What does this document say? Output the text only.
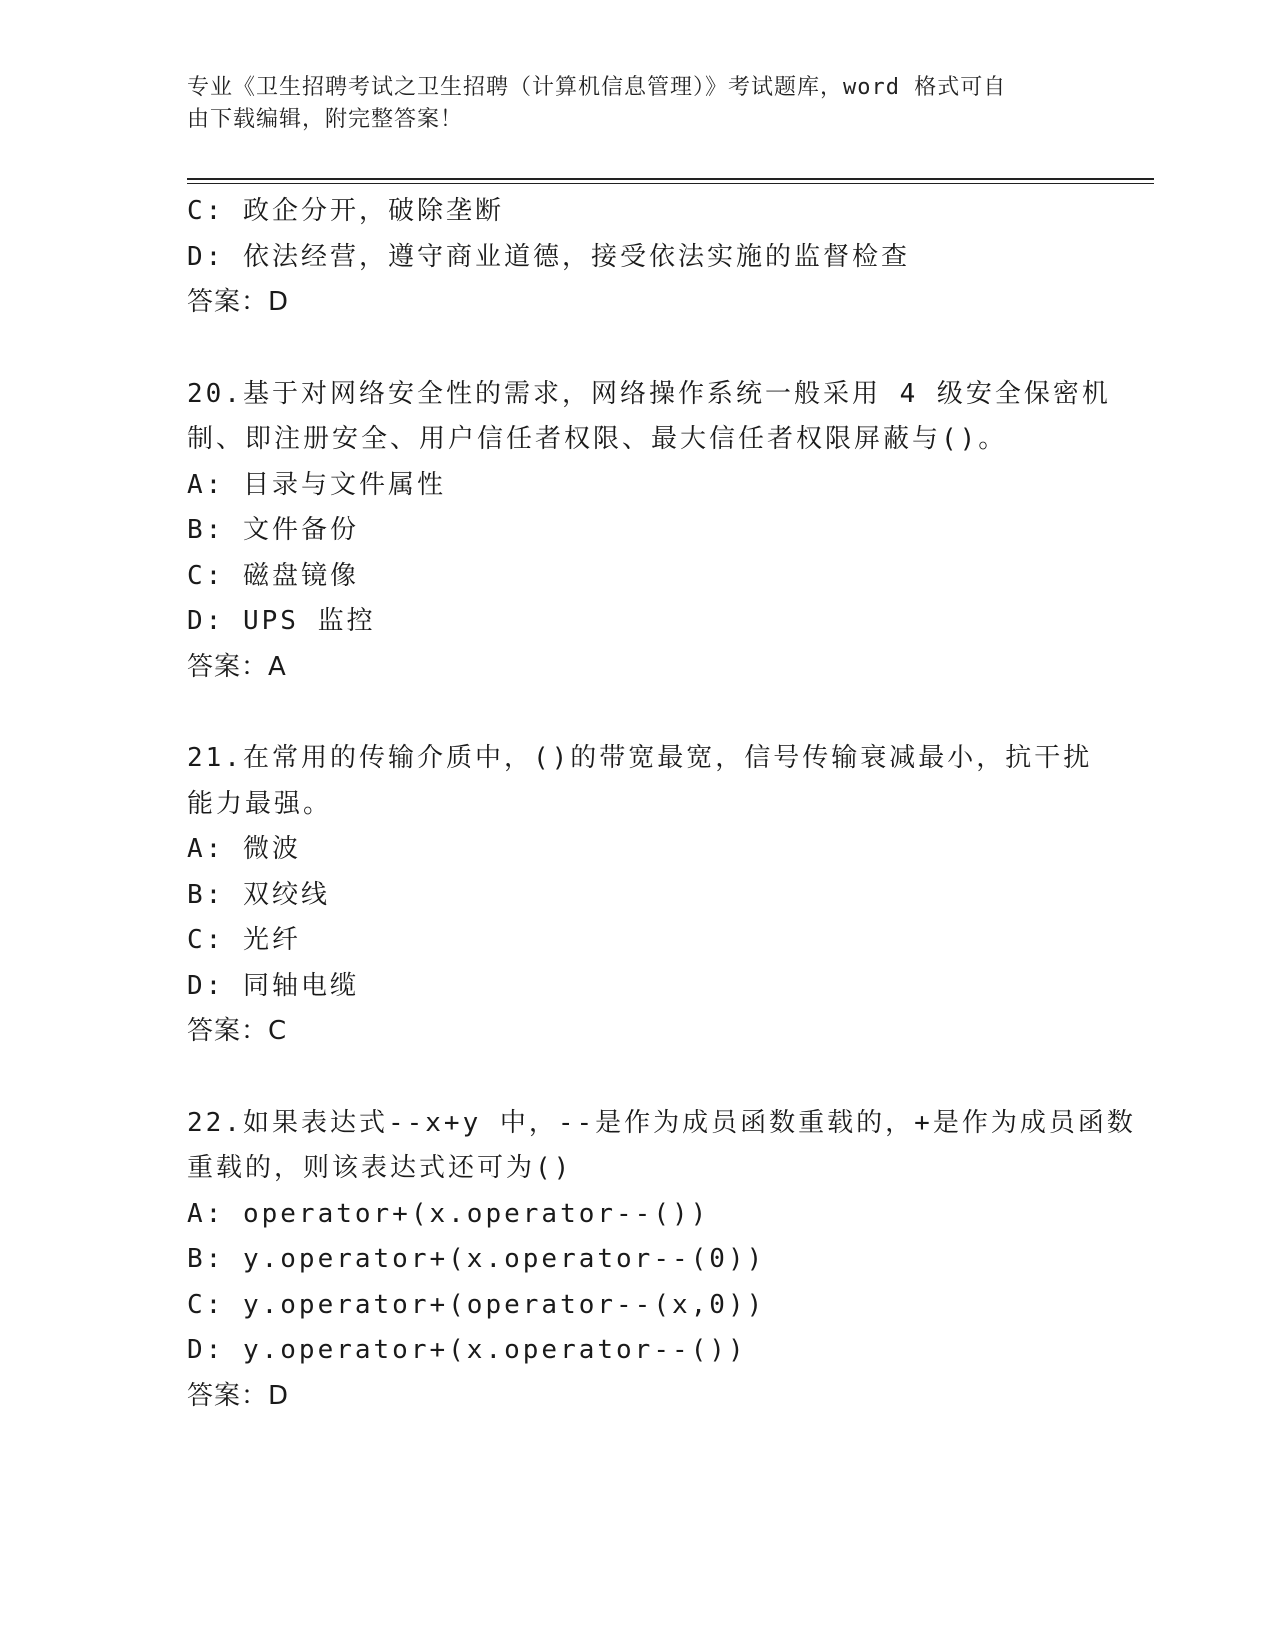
专业《卫生招聘考试之卫生招聘（计算机信息管理）》考试题库，word 格式可自
由下载编辑，附完整答案！
C: 政企分开，破除垄断
D: 依法经营，遵守商业道德，接受依法实施的监督检查
答案：D
20.基于对网络安全性的需求，网络操作系统一般采用 4 级安全保密机
制、即注册安全、用户信任者权限、最大信任者权限屏蔽与()。
A: 目录与文件属性
B: 文件备份
C: 磁盘镜像
D: UPS 监控
答案：A
21.在常用的传输介质中，()的带宽最宽，信号传输衰减最小，抗干扰
能力最强。
A: 微波
B: 双绞线
C: 光纤
D: 同轴电缆
答案：C
22.如果表达式--x+y 中，--是作为成员函数重载的，+是作为成员函数
重载的，则该表达式还可为()
A: operator+(x.operator--())
B: y.operator+(x.operator--(0))
C: y.operator+(operator--(x,0))
D: y.operator+(x.operator--())
答案：D
